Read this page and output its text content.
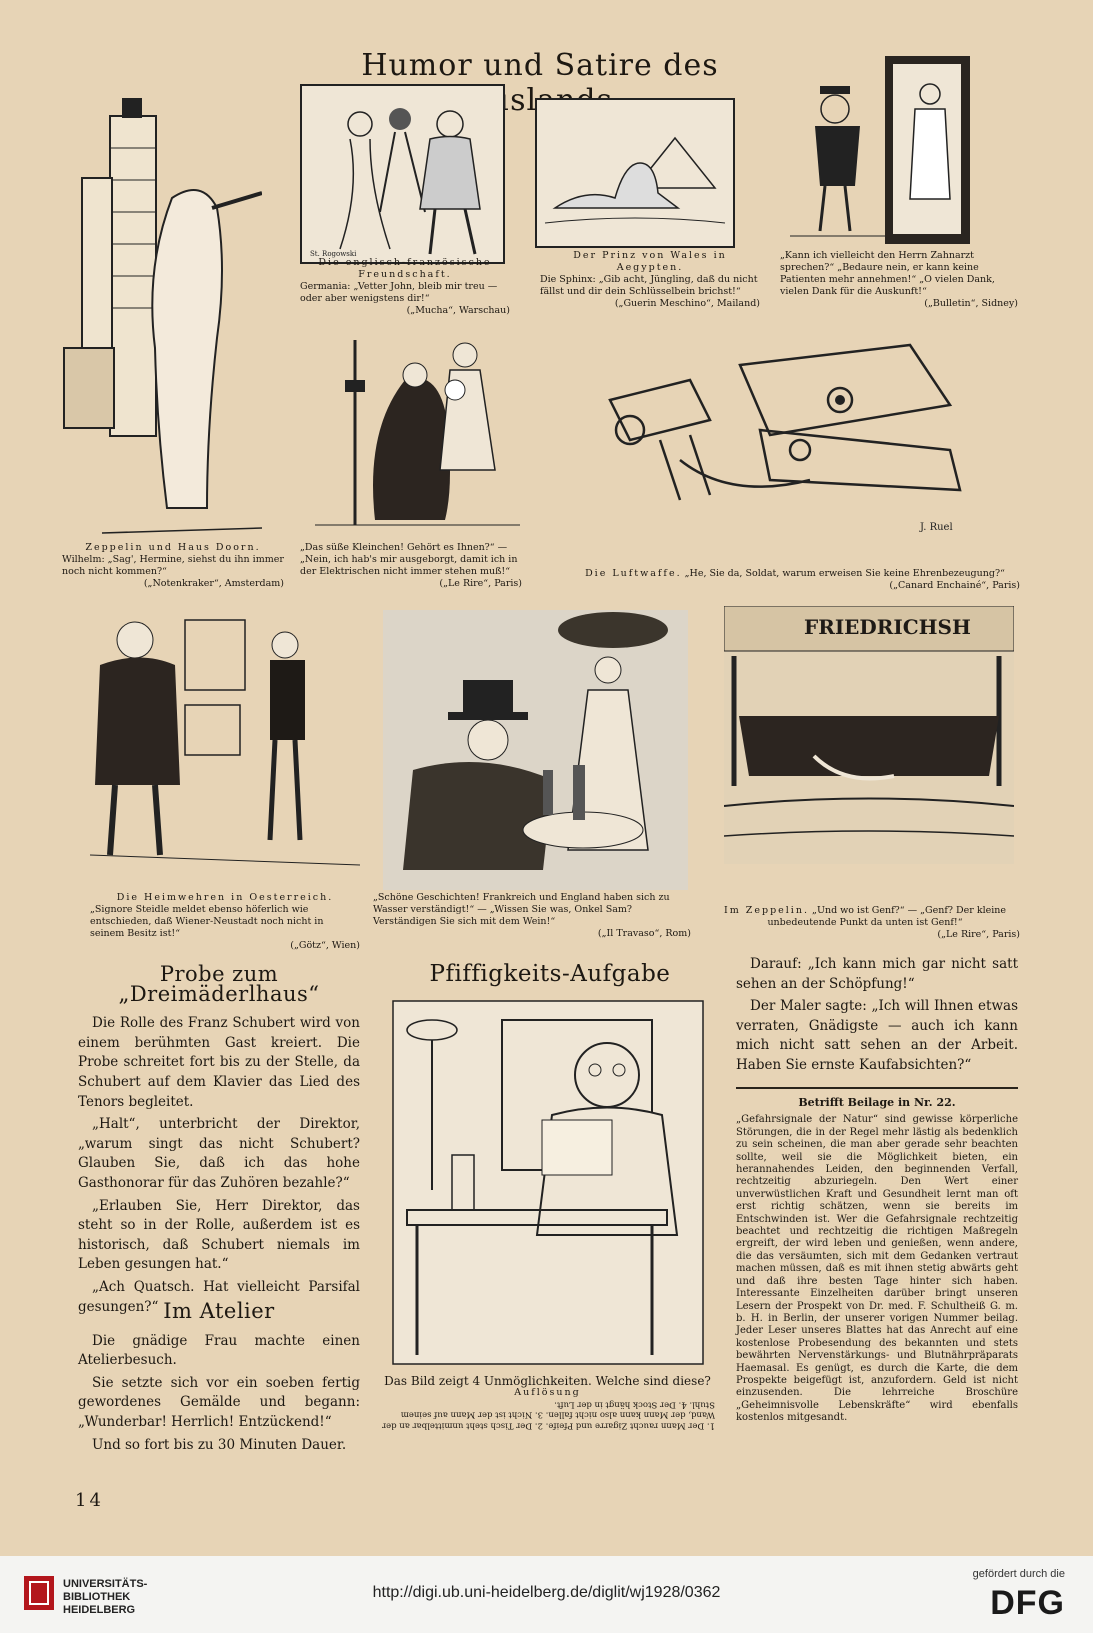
Humor und Satire des
St. Rogowski
Die englisch-französische Freundschaft.
Germania: „Vetter John, bleib mir treu — oder aber wenigstens dir!“
(„Mucha“, Warschau)
Der Prinz von Wales in Aegypten.
Die Sphinx: „Gib acht, Jüngling, daß du nicht fällst und dir dein Schlüsselbein brichst!“
(„Guerin Meschino“, Mailand)
„Kann ich vielleicht den Herrn Zahnarzt sprechen?“ „Bedaure nein, er kann keine Patienten mehr annehmen!“ „O vielen Dank, vielen Dank für die Auskunft!“
(„Bulletin“, Sidney)
J. Ruel
Zeppelin und Haus Doorn.
Wilhelm: „Sag', Hermine, siehst du ihn immer noch nicht kommen?“
(„Notenkraker“, Amsterdam)
„Das süße Kleinchen! Gehört es Ihnen?“ — „Nein, ich hab's mir ausgeborgt, damit ich in der Elektrischen nicht immer stehen muß!“
(„Le Rire“, Paris)
Die Luftwaffe. „He, Sie da, Soldat, warum erweisen Sie keine Ehrenbezeugung?“
(„Canard Enchainé“, Paris)
FRIEDRICHSH
Die Heimwehren in Oesterreich.
„Signore Steidle meldet ebenso höferlich wie entschieden, daß Wiener-Neustadt noch nicht in seinem Besitz ist!“
(„Götz“, Wien)
„Schöne Geschichten! Frankreich und England haben sich zu Wasser verständigt!“ — „Wissen Sie was, Onkel Sam? Verständigen Sie sich mit dem Wein!“
(„Il Travaso“, Rom)
Im Zeppelin. „Und wo ist Genf?“ — „Genf? Der kleine unbedeutende Punkt da unten ist Genf!“
(„Le Rire“, Paris)
Probe zum „Dreimäderlhaus“

Die Rolle des Franz Schubert wird von einem berühmten Gast kreiert. Die Probe schreitet fort bis zu der Stelle, da Schubert auf dem Klavier das Lied des Tenors begleitet.

„Halt“, unterbricht der Direktor, „warum singt das nicht Schubert? Glauben Sie, daß ich das hohe Gasthonorar für das Zuhören bezahle?“

„Erlauben Sie, Herr Direktor, das steht so in der Rolle, außerdem ist es historisch, daß Schubert niemals im Leben gesungen hat.“

„Ach Quatsch. Hat vielleicht Parsifal gesungen?“ Im Atelier

Die gnädige Frau machte einen Atelierbesuch.

Sie setzte sich vor ein soeben fertig gewordenes Gemälde und begann: „Wunderbar! Herrlich! Entzückend!“

Und so fort bis zu 30 Minuten Dauer.

Pfiffigkeits-Aufgabe
Das Bild zeigt 4 Unmöglichkeiten. Welche sind diese?
Auflösung
1. Der Mann raucht Zigarre und Pfeife. 2. Der Tisch steht unmittelbar an der Wand, der Mann kann also nicht fallen. 3. Nicht ist der Mann auf seinem Stuhl. 4. Der Stock hängt in der Luft.

Darauf: „Ich kann mich gar nicht satt sehen an der Schöpfung!“

Der Maler sagte: „Ich will Ihnen etwas verraten, Gnädigste — auch ich kann mich nicht satt sehen an der Arbeit. Haben Sie ernste Kaufabsichten?“

Betrifft Beilage in Nr. 22.
„Gefahrsignale der Natur“ sind gewisse körperliche Störungen, die in der Regel mehr lästig als bedenklich zu sein scheinen, die man aber gerade sehr beachten sollte, weil sie die Möglichkeit bieten, ein herannahendes Leiden, den beginnenden Verfall, rechtzeitig abzuriegeln. Den Wert einer unverwüstlichen Kraft und Gesundheit lernt man oft erst richtig schätzen, wenn sie bereits im Entschwinden ist. Wer die Gefahrsignale rechtzeitig beachtet und rechtzeitig die richtigen Maßregeln ergreift, der wird leben und genießen, wenn andere, die das versäumten, sich mit dem Gedanken vertraut machen müssen, daß es mit ihnen stetig abwärts geht und daß ihre besten Tage hinter sich haben. Interessante Einzelheiten darüber bringt unseren Lesern der Prospekt von Dr. med. F. Schultheiß G. m. b. H. in Berlin, der unserer vorigen Nummer beilag. Jeder Leser unseres Blattes hat das Anrecht auf eine kostenlose Probesendung des bekannten und stets bewährten Nervenstärkungs- und Blutnährpräparats Haemasal. Es genügt, es durch die Karte, die dem Prospekte beigefügt ist, anzufordern. Geld ist nicht einzusenden. Die lehrreiche Broschüre „Geheimnisvolle Lebenskräfte“ wird ebenfalls kostenlos mitgesandt.
14
UNIVERSITÄTS-
BIBLIOTHEK
HEIDELBERG
http://digi.ub.uni-heidelberg.de/diglit/wj1928/0362
gefördert durch die
DFG
